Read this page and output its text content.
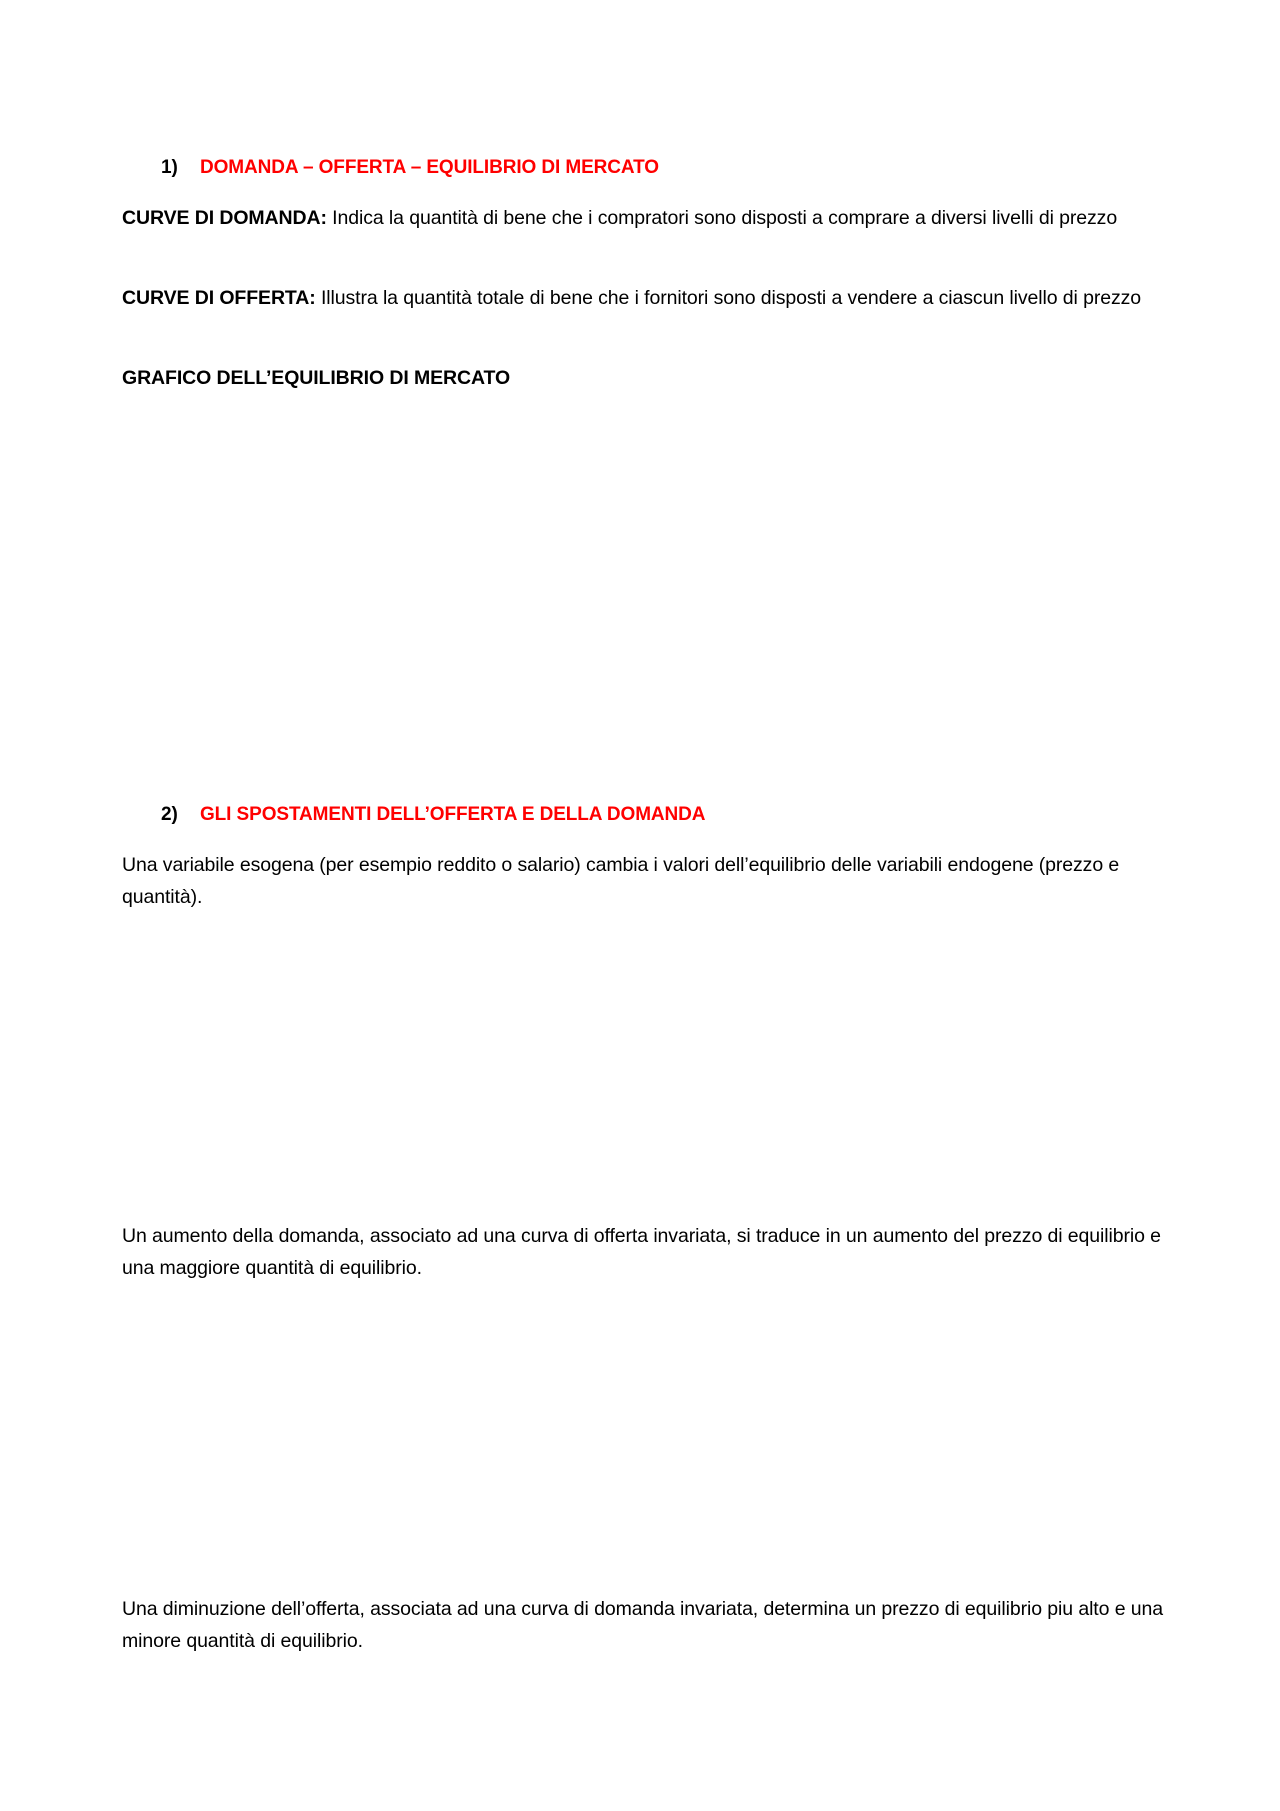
1) DOMANDA – OFFERTA – EQUILIBRIO DI MERCATO
CURVE DI DOMANDA: Indica la quantità di bene che i compratori sono disposti a comprare a diversi livelli di prezzo
CURVE DI OFFERTA: Illustra la quantità totale di bene che i fornitori sono disposti a vendere a ciascun livello di prezzo
GRAFICO DELL’EQUILIBRIO DI MERCATO
2) GLI SPOSTAMENTI DELL’OFFERTA E DELLA DOMANDA
Una variabile esogena (per esempio reddito o salario) cambia i valori dell’equilibrio delle variabili endogene (prezzo e quantità).
Un aumento della domanda, associato ad una curva di offerta invariata, si traduce in un aumento del prezzo di equilibrio e una maggiore quantità di equilibrio.
Una diminuzione dell’offerta, associata ad una curva di domanda invariata, determina un prezzo di equilibrio piu alto e una minore quantità di equilibrio.
